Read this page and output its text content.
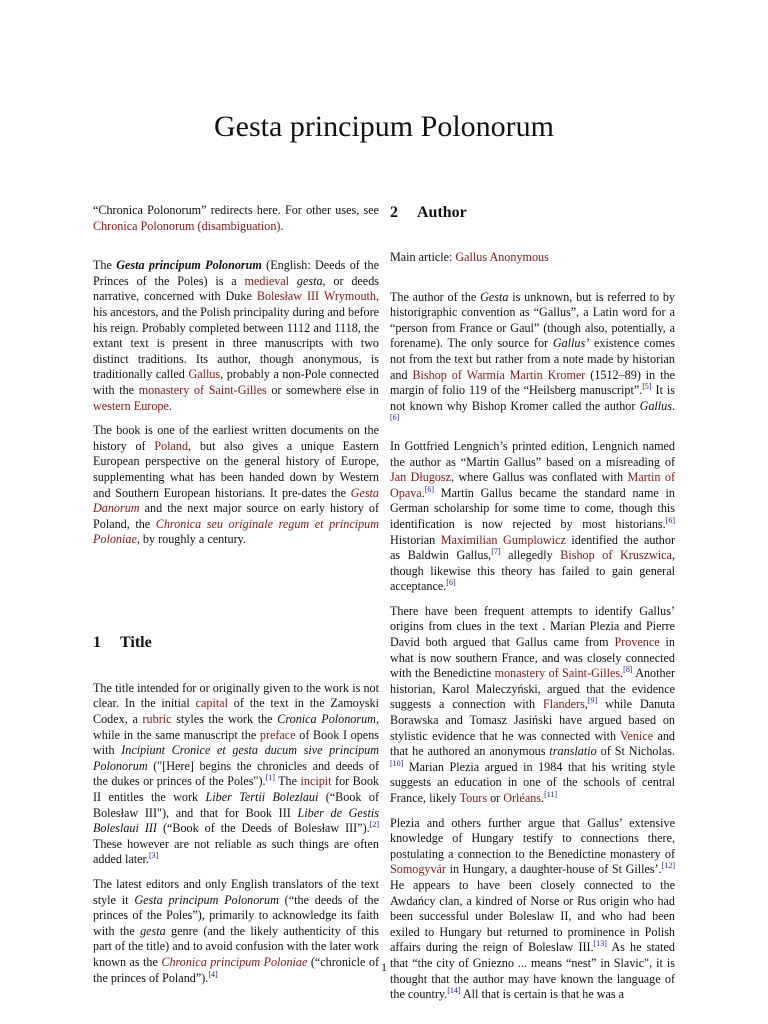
Gesta principum Polonorum

“Chronica Polonorum” redirects here. For other uses, see Chronica Polonorum (disambiguation).

The Gesta principum Polonorum (English: Deeds of the Princes of the Poles) is a medieval gesta, or deeds narrative, concerned with Duke Bolesław III Wrymouth, his ancestors, and the Polish principality during and before his reign. Probably completed between 1112 and 1118, the extant text is present in three manuscripts with two distinct traditions. Its author, though anonymous, is traditionally called Gallus, probably a non-Pole connected with the monastery of Saint-Gilles or somewhere else in western Europe.

The book is one of the earliest written documents on the history of Poland, but also gives a unique Eastern European perspective on the general history of Europe, supplementing what has been handed down by Western and Southern European historians. It pre-dates the Gesta Danorum and the next major source on early history of Poland, the Chronica seu originale regum et principum Poloniae, by roughly a century.

1 Title

The title intended for or originally given to the work is not clear. In the initial capital of the text in the Zamoyski Codex, a rubric styles the work the Cronica Polonorum, while in the same manuscript the preface of Book I opens with Incipiunt Cronice et gesta ducum sive principum Polonorum ("[Here] begins the chronicles and deeds of the dukes or princes of the Poles").[1] The incipit for Book II entitles the work Liber Tertii Bolezlaui (“Book of Bolesław III"), and that for Book III Liber de Gestis Boleslaui III (“Book of the Deeds of Bolesław III”).[2] These however are not reliable as such things are often added later.[3]

The latest editors and only English translators of the text style it Gesta principum Polonorum (“the deeds of the princes of the Poles”), primarily to acknowledge its faith with the gesta genre (and the likely authenticity of this part of the title) and to avoid confusion with the later work known as the Chronica principum Poloniae (“chronicle of the princes of Poland”).[4]

2 Author

Main article: Gallus Anonymous

The author of the Gesta is unknown, but is referred to by historigraphic convention as “Gallus”, a Latin word for a “person from France or Gaul” (though also, potentially, a forename). The only source for Gallus’ existence comes not from the text but rather from a note made by historian and Bishop of Warmia Martin Kromer (1512–89) in the margin of folio 119 of the “Heilsberg manuscript”.[5] It is not known why Bishop Kromer called the author Gallus.[6]

In Gottfried Lengnich’s printed edition, Lengnich named the author as “Martin Gallus” based on a misreading of Jan Długosz, where Gallus was conflated with Martin of Opava.[6] Martin Gallus became the standard name in German scholarship for some time to come, though this identification is now rejected by most historians.[6] Historian Maximilian Gumplowicz identified the author as Baldwin Gallus,[7] allegedly Bishop of Kruszwica, though likewise this theory has failed to gain general acceptance.[6]

There have been frequent attempts to identify Gallus’ origins from clues in the text . Marian Plezia and Pierre David both argued that Gallus came from Provence in what is now southern France, and was closely connected with the Benedictine monastery of Saint-Gilles.[8] Another historian, Karol Maleczyński, argued that the evidence suggests a connection with Flanders,[9] while Danuta Borawska and Tomasz Jasiński have argued based on stylistic evidence that he was connected with Venice and that he authored an anonymous translatio of St Nicholas.[10] Marian Plezia argued in 1984 that his writing style suggests an education in one of the schools of central France, likely Tours or Orléans.[11]

Plezia and others further argue that Gallus’ extensive knowledge of Hungary testify to connections there, postulating a connection to the Benedictine monastery of Somogyvár in Hungary, a daughter-house of St Gilles’.[12] He appears to have been closely connected to the Awdańcy clan, a kindred of Norse or Rus origin who had been successful under Boleslaw II, and who had been exiled to Hungary but returned to prominence in Polish affairs during the reign of Boleslaw III.[13] As he stated that “the city of Gniezno ... means “nest” in Slavic", it is thought that the author may have known the language of the country.[14] All that is certain is that he was a

1
